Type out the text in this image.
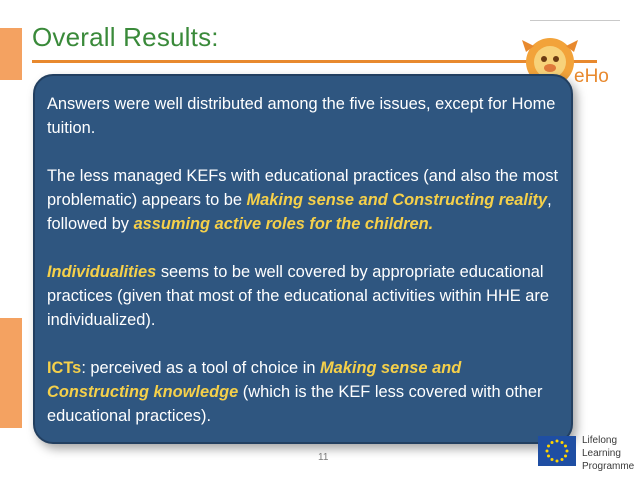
Overall Results:
eHo

Answers were well distributed among the five issues, except for Home tuition.

The less managed KEFs with educational practices (and also the most problematic) appears to be Making sense and Constructing reality, followed by assuming active roles for the children.

Individualities seems to be well covered by appropriate educational practices (given that most of the educational activities within HHE are individualized).

ICTs: perceived as a tool of choice in Making sense and Constructing knowledge (which is the KEF less covered with other educational practices).

11
Lifelong
Learning
Programme
